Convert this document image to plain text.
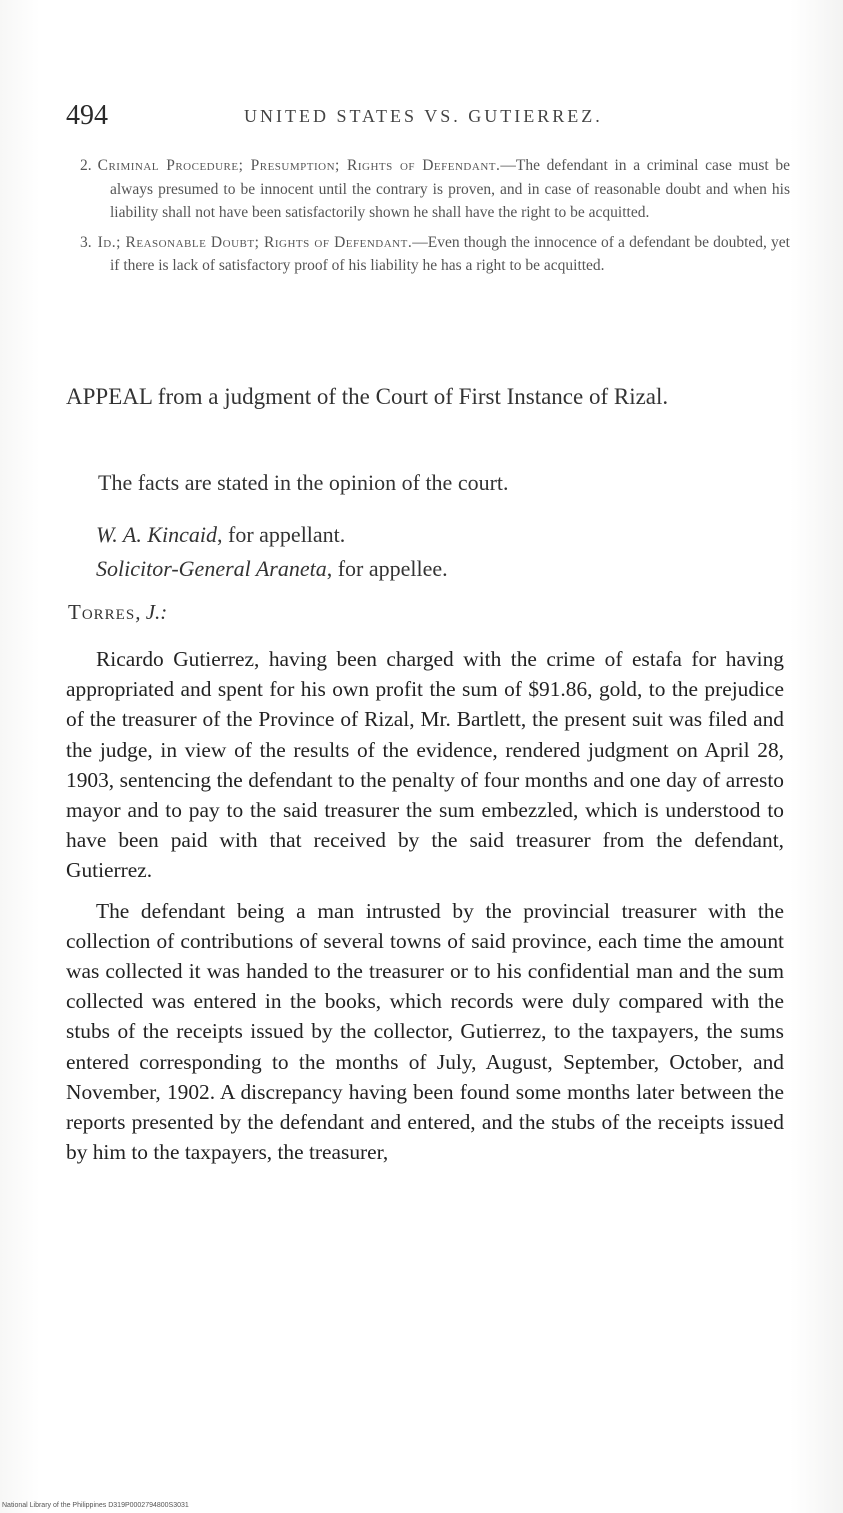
494	UNITED STATES VS. GUTIERREZ.

2. Criminal Procedure; Presumption; Rights of Defendant.—The defendant in a criminal case must be always presumed to be innocent until the contrary is proven, and in case of reasonable doubt and when his liability shall not have been satisfactorily shown he shall have the right to be acquitted.

3. Id.; Reasonable Doubt; Rights of Defendant.—Even though the innocence of a defendant be doubted, yet if there is lack of satisfactory proof of his liability he has a right to be acquitted.

APPEAL from a judgment of the Court of First Instance of Rizal.
The facts are stated in the opinion of the court.
W. A. Kincaid, for appellant.
Solicitor-General Araneta, for appellee.
Torres, J.:

Ricardo Gutierrez, having been charged with the crime of estafa for having appropriated and spent for his own profit the sum of $91.86, gold, to the prejudice of the treasurer of the Province of Rizal, Mr. Bartlett, the present suit was filed and the judge, in view of the results of the evidence, rendered judgment on April 28, 1903, sentencing the defendant to the penalty of four months and one day of arresto mayor and to pay to the said treasurer the sum embezzled, which is understood to have been paid with that received by the said treasurer from the defendant, Gutierrez.

The defendant being a man intrusted by the provincial treasurer with the collection of contributions of several towns of said province, each time the amount was collected it was handed to the treasurer or to his confidential man and the sum collected was entered in the books, which records were duly compared with the stubs of the receipts issued by the collector, Gutierrez, to the taxpayers, the sums entered corresponding to the months of July, August, September, October, and November, 1902. A discrepancy having been found some months later between the reports presented by the defendant and entered, and the stubs of the receipts issued by him to the taxpayers, the treasurer,

National Library of the Philippines D319P0002794800S3031
